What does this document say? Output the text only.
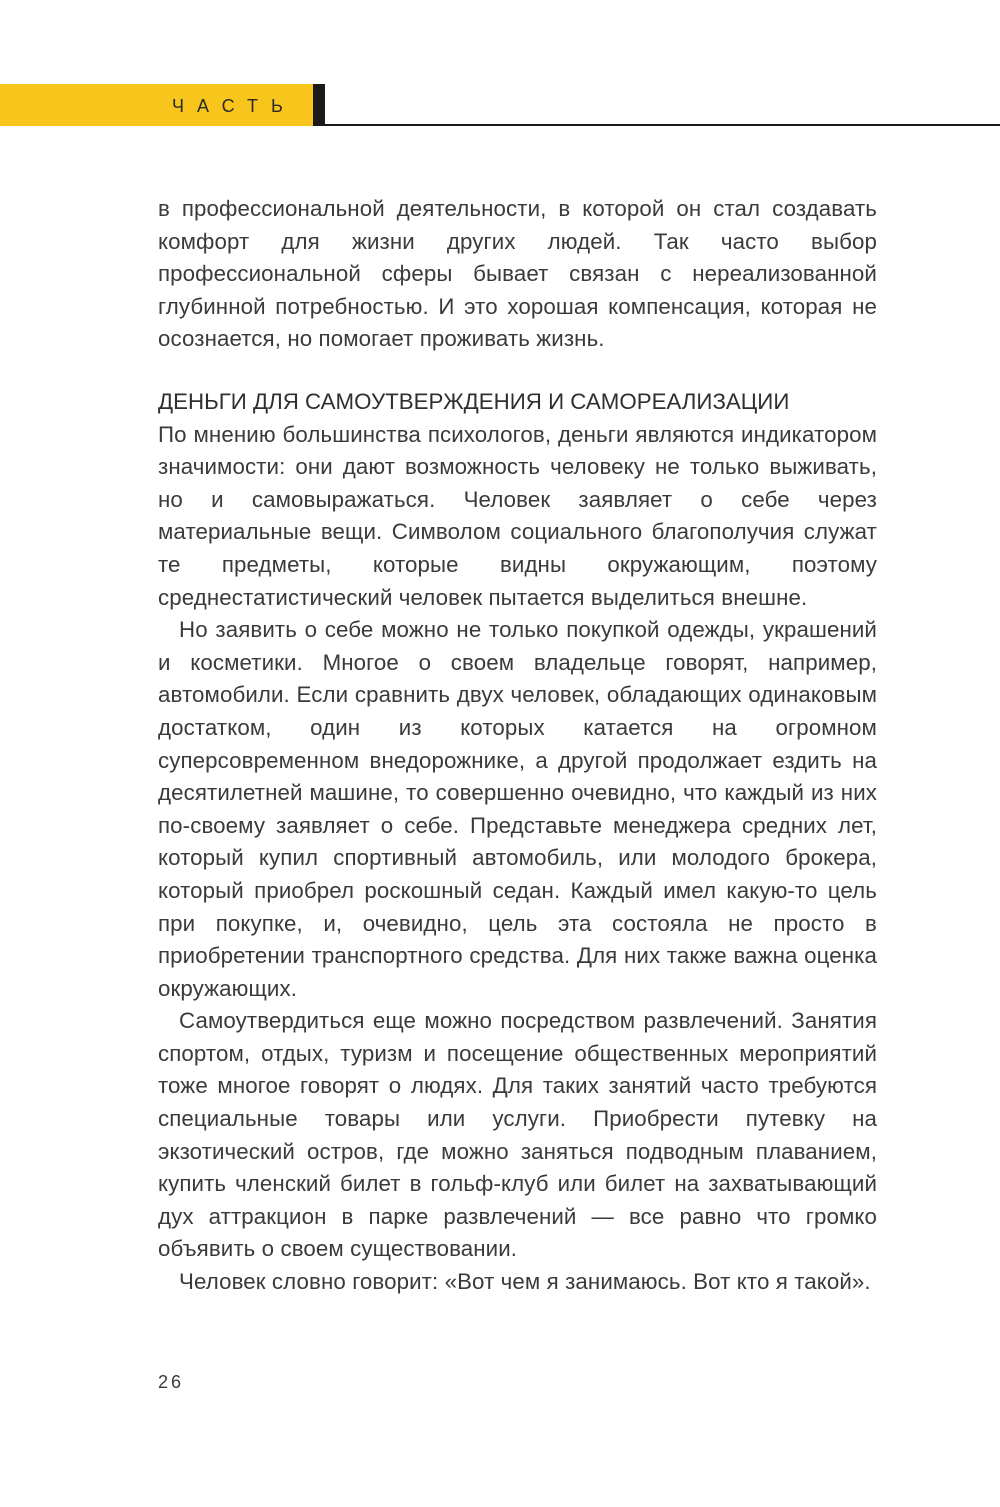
ЧАСТЬ

в профессиональной деятельности, в которой он стал создавать комфорт для жизни других людей. Так часто выбор профессиональной сферы бывает связан с нереализованной глубинной потребностью. И это хорошая компенсация, которая не осознается, но помогает проживать жизнь.

ДЕНЬГИ ДЛЯ САМОУТВЕРЖДЕНИЯ И САМОРЕАЛИЗАЦИИ

По мнению большинства психологов, деньги являются индикатором значимости: они дают возможность человеку не только выживать, но и самовыражаться. Человек заявляет о себе через материальные вещи. Символом социального благополучия служат те предметы, которые видны окружающим, поэтому среднестатистический человек пытается выделиться внешне.

Но заявить о себе можно не только покупкой одежды, украшений и косметики. Многое о своем владельце говорят, например, автомобили. Если сравнить двух человек, обладающих одинаковым достатком, один из которых катается на огромном суперсовременном внедорожнике, а другой продолжает ездить на десятилетней машине, то совершенно очевидно, что каждый из них по-своему заявляет о себе. Представьте менеджера средних лет, который купил спортивный автомобиль, или молодого брокера, который приобрел роскошный седан. Каждый имел какую-то цель при покупке, и, очевидно, цель эта состояла не просто в приобретении транспортного средства. Для них также важна оценка окружающих.

Самоутвердиться еще можно посредством развлечений. Занятия спортом, отдых, туризм и посещение общественных мероприятий тоже многое говорят о людях. Для таких занятий часто требуются специальные товары или услуги. Приобрести путевку на экзотический остров, где можно заняться подводным плаванием, купить членский билет в гольф-клуб или билет на захватывающий дух аттракцион в парке развлечений — все равно что громко объявить о своем существовании.

Человек словно говорит: «Вот чем я занимаюсь. Вот кто я такой».

26
